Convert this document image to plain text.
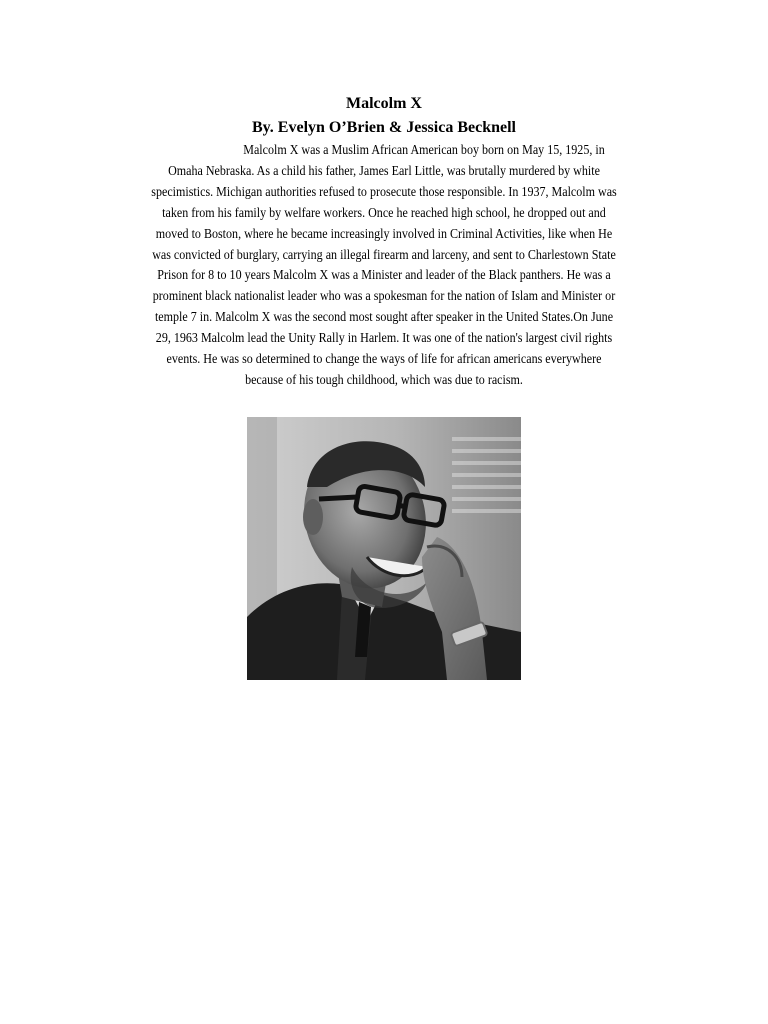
Malcolm X
By. Evelyn O’Brien & Jessica Becknell
Malcolm X was a Muslim African American boy born on May 15, 1925, in
Omaha Nebraska. As a child his father, James Earl Little, was brutally murdered by white
specimistics. Michigan authorities refused to prosecute those responsible. In 1937, Malcolm was
taken from his family by welfare workers. Once he reached high school, he dropped out and
moved to Boston, where he became increasingly involved in Criminal Activities, like when He
was convicted of burglary, carrying an illegal firearm and larceny, and sent to Charlestown State
Prison for 8 to 10 years Malcolm X was a Minister and leader of the Black panthers. He was a
prominent black nationalist leader who was a spokesman for the nation of Islam and Minister or
temple 7 in. Malcolm X was the second most sought after speaker in the United States.On June
29, 1963 Malcolm lead the Unity Rally in Harlem. It was one of the nation's largest civil rights
events. He was so determined to change the ways of life for african americans everywhere
because of his tough childhood, which was due to racism.
